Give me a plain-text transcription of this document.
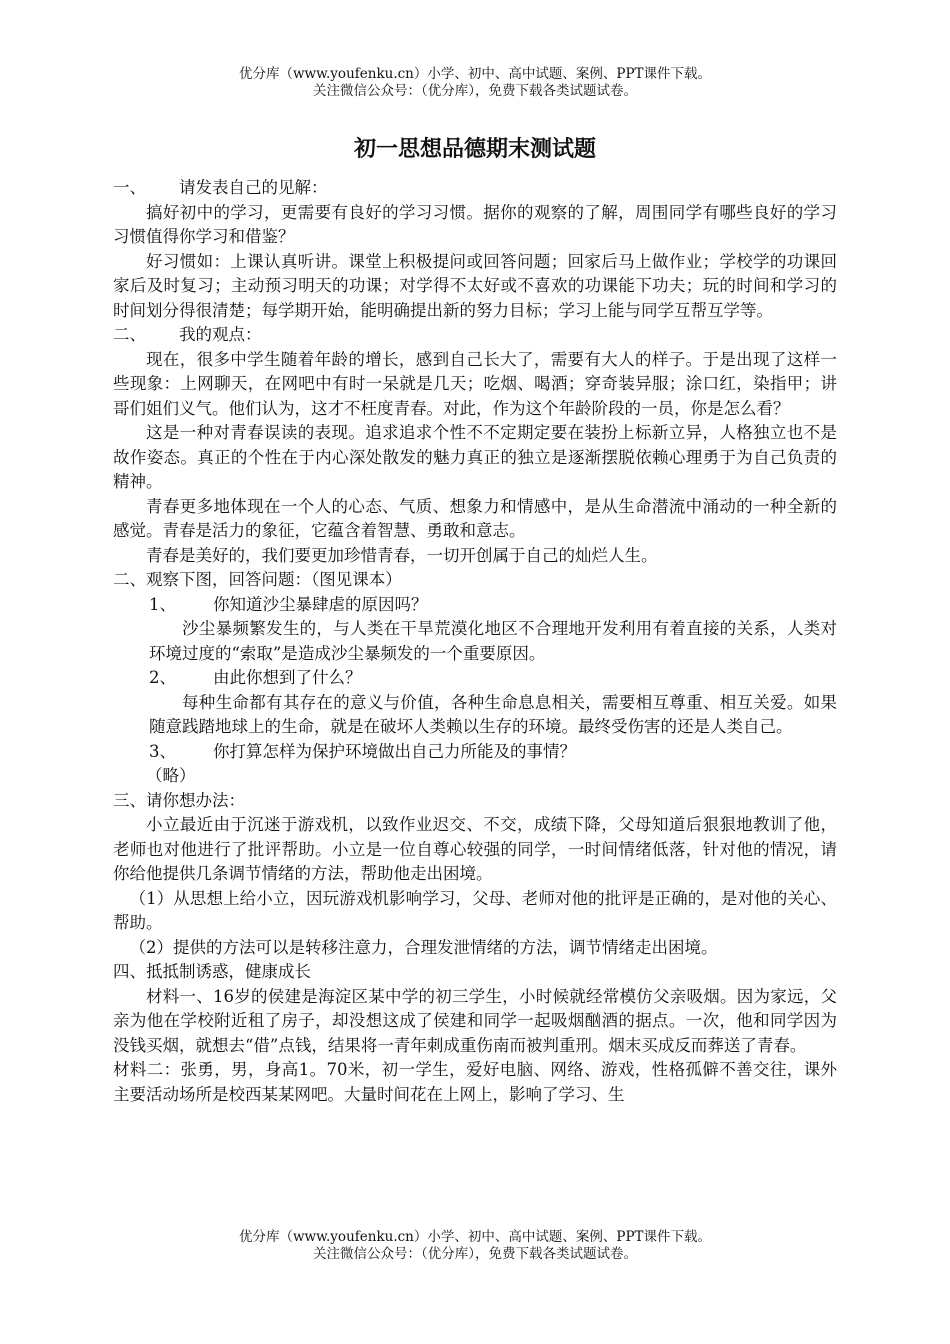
优分库（www.youfenku.cn）小学、初中、高中试题、案例、PPT课件下载。
关注微信公众号：（优分库），免费下载各类试题试卷。
初一思想品德期末测试题

一、 请发表自己的见解：

搞好初中的学习，更需要有良好的学习习惯。据你的观察的了解，周围同学有哪些良好的学习习惯值得你学习和借鉴？

好习惯如：上课认真听讲。课堂上积极提问或回答问题；回家后马上做作业；学校学的功课回家后及时复习；主动预习明天的功课；对学得不太好或不喜欢的功课能下功夫；玩的时间和学习的时间划分得很清楚；每学期开始，能明确提出新的努力目标；学习上能与同学互帮互学等。

二、 我的观点：

现在，很多中学生随着年龄的增长，感到自己长大了，需要有大人的样子。于是出现了这样一些现象：上网聊天，在网吧中有时一呆就是几天；吃烟、喝酒；穿奇装异服；涂口红，染指甲；讲哥们姐们义气。他们认为，这才不枉度青春。对此，作为这个年龄阶段的一员，你是怎么看？

这是一种对青春误读的表现。追求追求个性不不定期定要在装扮上标新立异，人格独立也不是故作姿态。真正的个性在于内心深处散发的魅力真正的独立是逐渐摆脱依赖心理勇于为自己负责的精神。

青春更多地体现在一个人的心态、气质、想象力和情感中，是从生命潜流中涌动的一种全新的感觉。青春是活力的象征，它蕴含着智慧、勇敢和意志。

青春是美好的，我们要更加珍惜青春，一切开创属于自己的灿烂人生。

二、观察下图，回答问题：（图见课本）

1、 你知道沙尘暴肆虐的原因吗？

沙尘暴频繁发生的，与人类在干旱荒漠化地区不合理地开发利用有着直接的关系，人类对环境过度的“索取”是造成沙尘暴频发的一个重要原因。

2、 由此你想到了什么？

每种生命都有其存在的意义与价值，各种生命息息相关，需要相互尊重、相互关爱。如果随意践踏地球上的生命，就是在破坏人类赖以生存的环境。最终受伤害的还是人类自己。

3、 你打算怎样为保护环境做出自己力所能及的事情？

（略）

三、请你想办法：

小立最近由于沉迷于游戏机，以致作业迟交、不交，成绩下降，父母知道后狠狠地教训了他，老师也对他进行了批评帮助。小立是一位自尊心较强的同学，一时间情绪低落，针对他的情况，请你给他提供几条调节情绪的方法，帮助他走出困境。

（1）从思想上给小立，因玩游戏机影响学习，父母、老师对他的批评是正确的，是对他的关心、帮助。

（2）提供的方法可以是转移注意力，合理发泄情绪的方法，调节情绪走出困境。

四、抵抵制诱惑，健康成长

材料一、16岁的侯建是海淀区某中学的初三学生，小时候就经常模仿父亲吸烟。因为家远，父亲为他在学校附近租了房子，却没想这成了侯建和同学一起吸烟酗酒的据点。一次，他和同学因为没钱买烟，就想去“借”点钱，结果将一青年刺成重伤南而被判重刑。烟末买成反而葬送了青春。

材料二：张勇，男，身高1。70米，初一学生，爱好电脑、网络、游戏，性格孤僻不善交往，课外主要活动场所是校西某某网吧。大量时间花在上网上，影响了学习、生

优分库（www.youfenku.cn）小学、初中、高中试题、案例、PPT课件下载。
关注微信公众号：（优分库），免费下载各类试题试卷。
